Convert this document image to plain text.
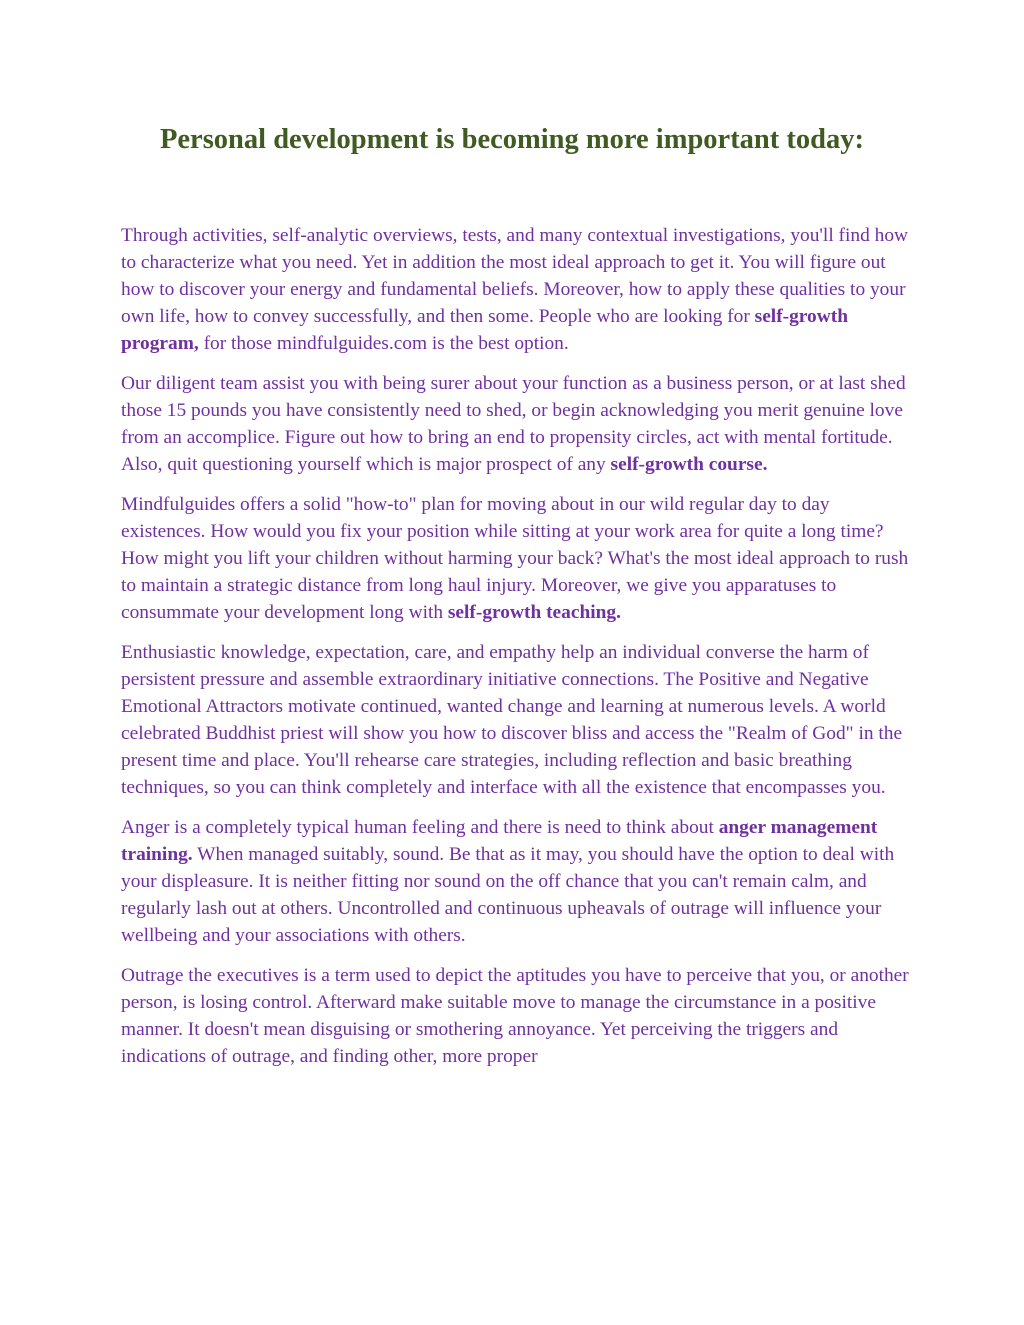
Personal development is becoming more important today:

Through activities, self-analytic overviews, tests, and many contextual investigations, you'll find how to characterize what you need. Yet in addition the most ideal approach to get it. You will figure out how to discover your energy and fundamental beliefs. Moreover, how to apply these qualities to your own life, how to convey successfully, and then some. People who are looking for self-growth program, for those mindfulguides.com is the best option.

Our diligent team assist you with being surer about your function as a business person, or at last shed those 15 pounds you have consistently need to shed, or begin acknowledging you merit genuine love from an accomplice. Figure out how to bring an end to propensity circles, act with mental fortitude. Also, quit questioning yourself which is major prospect of any self-growth course.

Mindfulguides offers a solid "how-to" plan for moving about in our wild regular day to day existences. How would you fix your position while sitting at your work area for quite a long time? How might you lift your children without harming your back? What's the most ideal approach to rush to maintain a strategic distance from long haul injury. Moreover, we give you apparatuses to consummate your development long with self-growth teaching.

Enthusiastic knowledge, expectation, care, and empathy help an individual converse the harm of persistent pressure and assemble extraordinary initiative connections. The Positive and Negative Emotional Attractors motivate continued, wanted change and learning at numerous levels. A world celebrated Buddhist priest will show you how to discover bliss and access the "Realm of God" in the present time and place. You'll rehearse care strategies, including reflection and basic breathing techniques, so you can think completely and interface with all the existence that encompasses you.

Anger is a completely typical human feeling and there is need to think about anger management training. When managed suitably, sound. Be that as it may, you should have the option to deal with your displeasure. It is neither fitting nor sound on the off chance that you can't remain calm, and regularly lash out at others. Uncontrolled and continuous upheavals of outrage will influence your wellbeing and your associations with others.

Outrage the executives is a term used to depict the aptitudes you have to perceive that you, or another person, is losing control. Afterward make suitable move to manage the circumstance in a positive manner. It doesn't mean disguising or smothering annoyance. Yet perceiving the triggers and indications of outrage, and finding other, more proper
